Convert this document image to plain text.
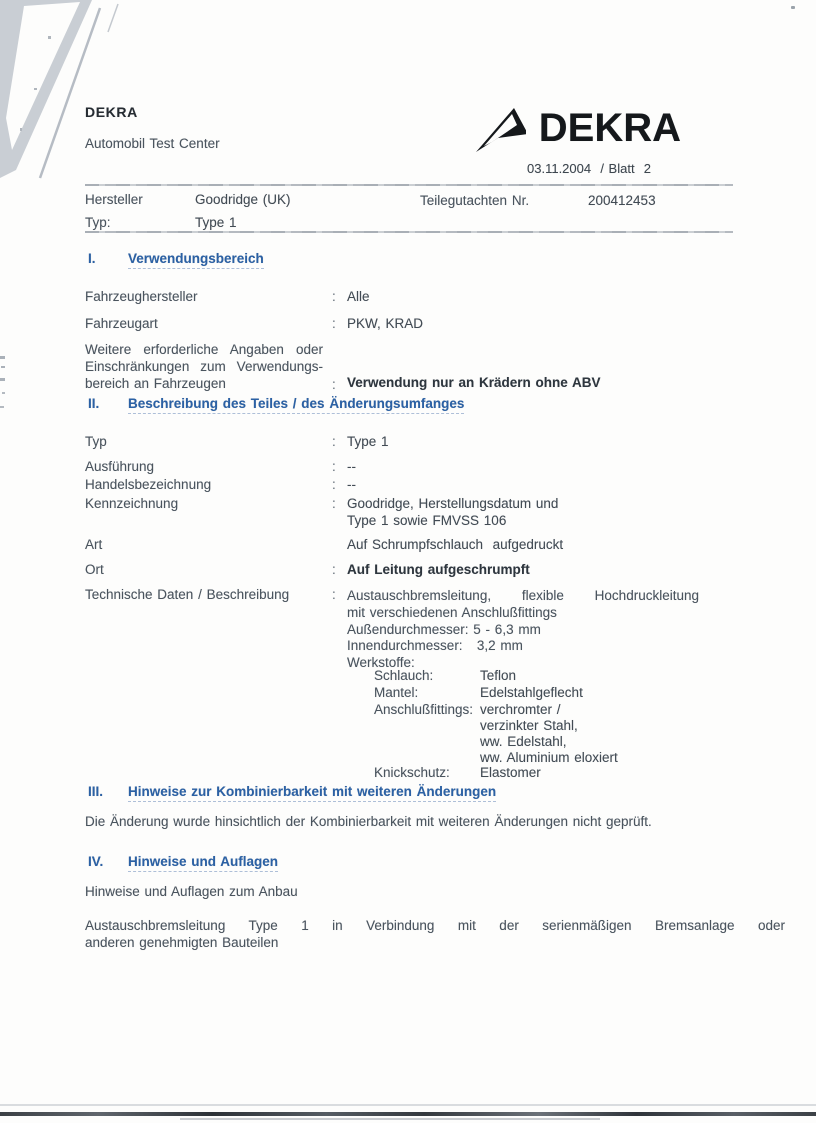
DEKRA
Automobil Test Center	DEKRA
03.11.2004  / Blatt  2
Hersteller	Goodridge (UK)	Teilegutachten Nr.	200412453
Typ:	Type 1
I. Verwendungsbereich
Fahrzeughersteller	: Alle
Fahrzeugart	: PKW, KRAD
Weitere erforderliche Angaben oder
Einschränkungen zum Verwendungs-
bereich an Fahrzeugen	: Verwendung nur an Krädern ohne ABV
II. Beschreibung des Teiles / des Änderungsumfanges
Typ	: Type 1
Ausführung	: --
Handelsbezeichnung	: --
Kennzeichnung	: Goodridge, Herstellungsdatum und
Type 1 sowie FMVSS 106
Art	Auf Schrumpfschlauch  aufgedruckt
Ort	: Auf Leitung aufgeschrumpft
Technische Daten / Beschreibung	: Austauschbremsleitung, flexible Hochdruckleitung
mit verschiedenen Anschlußfittings
Außendurchmesser: 5 - 6,3 mm
Innendurchmesser:   3,2 mm
Werkstoffe:
Schlauch:	Teflon
Mantel:	Edelstahlgeflecht
Anschlußfittings: verchromter /
verzinkter Stahl,
ww. Edelstahl,
ww. Aluminium eloxiert
Knickschutz: Elastomer
III. Hinweise zur Kombinierbarkeit mit weiteren Änderungen
Die Änderung wurde hinsichtlich der Kombinierbarkeit mit weiteren Änderungen nicht geprüft.
IV. Hinweise und Auflagen
Hinweise und Auflagen zum Anbau
Austauschbremsleitung Type 1 in Verbindung mit der serienmäßigen Bremsanlage oder
anderen genehmigten Bauteilen
